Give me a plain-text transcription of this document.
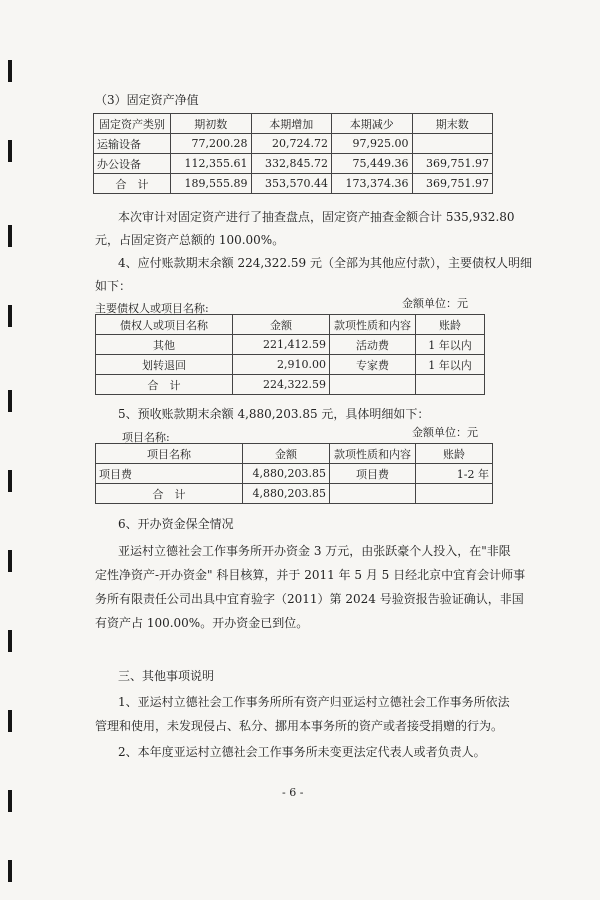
（3）固定资产净值
固定资产类别	期初数	本期增加	本期减少	期末数
运输设备	77,200.28	20,724.72	97,925.00	
办公设备	112,355.61	332,845.72	75,449.36	369,751.97
合　计	189,555.89	353,570.44	173,374.36	369,751.97
本次审计对固定资产进行了抽查盘点，固定资产抽查金额合计 535,932.80
元，占固定资产总额的 100.00%。
4、应付账款期末余额 224,322.59 元（全部为其他应付款），主要债权人明细
如下：
主要债权人或项目名称:	金额单位：元
债权人或项目名称	金额	款项性质和内容	账龄
其他	221,412.59	活动费	1 年以内
划转退回	2,910.00	专家费	1 年以内
合　计	224,322.59		
5、预收账款期末余额 4,880,203.85 元，具体明细如下：
项目名称:	金额单位：元
项目名称	金额	款项性质和内容	账龄
项目费	4,880,203.85	项目费	1-2 年
合　计	4,880,203.85		
6、开办资金保全情况
亚运村立德社会工作事务所开办资金 3 万元，由张跃豪个人投入，在"非限
定性净资产-开办资金" 科目核算，并于 2011 年 5 月 5 日经北京中宜育会计师事
务所有限责任公司出具中宜育验字（2011）第 2024 号验资报告验证确认，非国
有资产占 100.00%。开办资金已到位。
三、其他事项说明
1、亚运村立德社会工作事务所所有资产归亚运村立德社会工作事务所依法
管理和使用，未发现侵占、私分、挪用本事务所的资产或者接受捐赠的行为。
2、本年度亚运村立德社会工作事务所未变更法定代表人或者负责人。
- 6 -
